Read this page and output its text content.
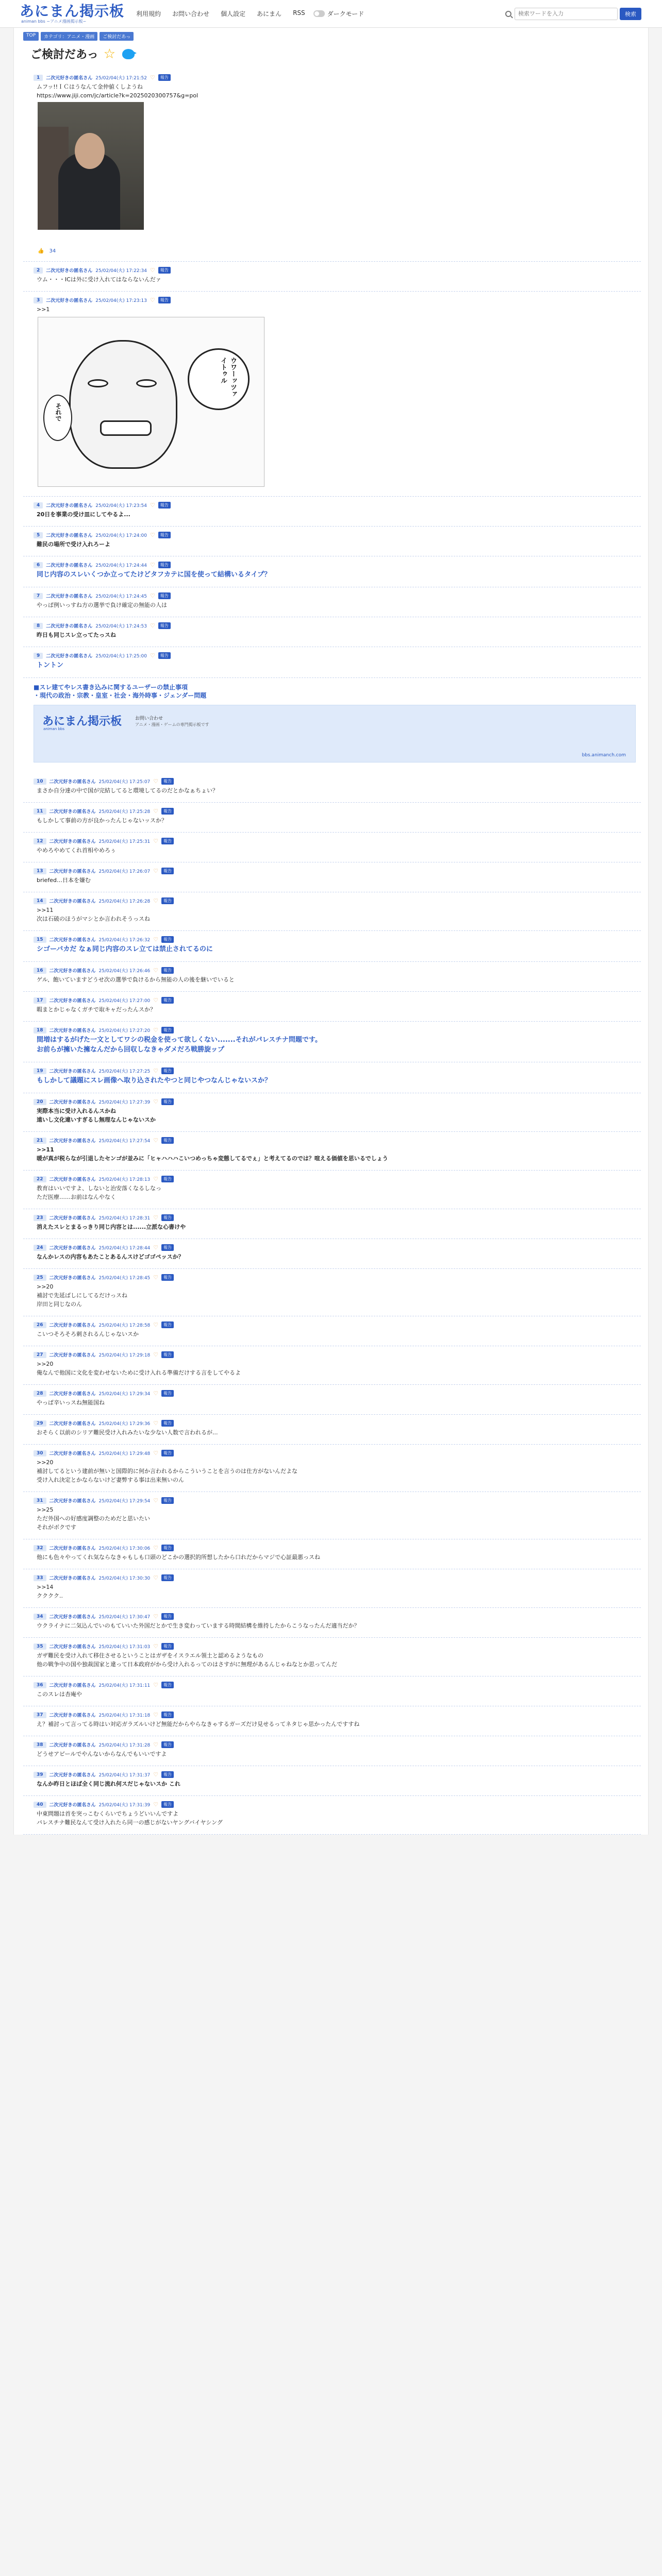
あにまん掲示板
animan bbs ~アニメ漫画掲示板~
利用規約 お問い合わせ 個人設定 あにまん RSS	ダークモード
検索ワードを入力	検索
TOP	カテゴリ：アニメ・漫画	ご検討だあっ
ご検討だあっ ☆
1	二次元好きの匿名さん 25/02/04(火) 17:21:52 ♡	報告
ムフッ!!ＩＣはうなんて金仲値くしようね
https://www.jiji.com/jc/article?k=2025020300757&g=pol
👍 34
2	二次元好きの匿名さん 25/02/04(火) 17:22:34 ♡	報告
ウム・・・ICは外に受け入れてはならないんだァ
3	二次元好きの匿名さん 25/02/04(火) 17:23:13 ♡	報告
>>1
ウワーッツァイトゥル
それで
4	二次元好きの匿名さん 25/02/04(火) 17:23:54 ♡	報告
20日を事業の受け皿にしてやるよ...
5	二次元好きの匿名さん 25/02/04(火) 17:24:00 ♡	報告
難民の場所で受け入れろーよ
6	二次元好きの匿名さん 25/02/04(火) 17:24:44 ♡	報告
同じ内容のスレいくつか立ってたけどタフカテに国を使って結構いるタイプ？
7	二次元好きの匿名さん 25/02/04(火) 17:24:45 ♡	報告
やっぱ例いっすね方の選挙で負け確定の無能の人は
8	二次元好きの匿名さん 25/02/04(火) 17:24:53 ♡	報告
昨日も同じスレ立ってたっスね
9	二次元好きの匿名さん 25/02/04(火) 17:25:00 ♡	報告
トントン
■スレ建てやレス書き込みに関するユーザーの禁止事項
・現代の政治・宗教・皇室・社会・海外時事・ジェンダー問題
あにまん掲示板
animan bbs
お問い合わせ
アニメ・漫画・ゲームの専門掲示板です
bbs.animanch.com
10	二次元好きの匿名さん 25/02/04(火) 17:25:07 ♡	報告
まさか自分達の中で国が完結してると環境してるのだとかなぁちょい？
11	二次元好きの匿名さん 25/02/04(火) 17:25:28 ♡	報告
もしかして事前の方が良かったんじゃないッスか？
12	二次元好きの匿名さん 25/02/04(火) 17:25:31 ♡	報告
やめろやめてくれ首相やめろぅ
13	二次元好きの匿名さん 25/02/04(火) 17:26:07 ♡	報告
briefed…日本を嫌む
14	二次元好きの匿名さん 25/02/04(火) 17:26:28 ♡	報告
>>11
次は石破のほうがマシとか言われそうっスね
15	二次元好きの匿名さん 25/02/04(火) 17:26:32 ♡	報告
シゴーバカだ なぁ同じ内容のスレ立ては禁止されてるのに
16	二次元好きの匿名さん 25/02/04(火) 17:26:46 ♡	報告
ゲル、飽いていますどうせ次の選挙で負けるから無能の人の後を継いでいると
17	二次元好きの匿名さん 25/02/04(火) 17:27:00 ♡	報告
暇まとかじゃなくガチで取キャだったんスか？
18	二次元好きの匿名さん 25/02/04(火) 17:27:20 ♡	報告
間増はするがげた一文としてワシの税金を使って欲しくない.......それがパレスチナ問題です。
お前らが擁いた擁なんだから回収しなきゃダメだろ戦勝旋ップ
19	二次元好きの匿名さん 25/02/04(火) 17:27:25 ♡	報告
もしかして議題にスレ画像へ取り込されたやつと同じやつなんじゃないスか？
20	二次元好きの匿名さん 25/02/04(火) 17:27:39 ♡	報告
実際本当に受け入れるんスかね
遠いし文化違いすぎるし無理なんじゃないスか
21	二次元好きの匿名さん 25/02/04(火) 17:27:54 ♡	報告
>>11
暖が真が税らなが引退したセンゴが並みに「ヒャハハハこいつめっちゃ変態してるでぇ」と考えてるのでは？喧える価値を思いるでしょう
22	二次元好きの匿名さん 25/02/04(火) 17:28:13 ♡	報告
教育はいいですよ、しないと治安落くなるしなっ
ただ医療……お前はなんやなく
23	二次元好きの匿名さん 25/02/04(火) 17:28:31 ♡	報告
消えたスレとまるっきり同じ内容とは......立派な心書けや
24	二次元好きの匿名さん 25/02/04(火) 17:28:44 ♡	報告
なんかレスの内容もあたことあるんスけどゴゴペッスか？
25	二次元好きの匿名さん 25/02/04(火) 17:28:45 ♡	報告
>>20
補討で先延ばしにしてるだけっスね
岸田と同じなのん
26	二次元好きの匿名さん 25/02/04(火) 17:28:58 ♡	報告
こいつそろそろ刺されるんじゃないスか
27	二次元好きの匿名さん 25/02/04(火) 17:29:18 ♡	報告
>>20
俺なんで他国に文化を変わせないために受け入れる準備だけする言をしてやるよ
28	二次元好きの匿名さん 25/02/04(火) 17:29:34 ♡	報告
やっぱ辛いっスね無能国ね
29	二次元好きの匿名さん 25/02/04(火) 17:29:36 ♡	報告
おそらく以前のシリア難民受け入れみたいな少ない人数で言われるが...
30	二次元好きの匿名さん 25/02/04(火) 17:29:48 ♡	報告
>>20
補討してるという建前が無いと国際的に何か言われるからこういうことを言うのは仕方がないんだよな
受け入れ決定とかならないけど妻弊する事は出来無いのん
31	二次元好きの匿名さん 25/02/04(火) 17:29:54 ♡	報告
>>25
ただ外国への好感度調整のためだと思いたい
それがボクです
32	二次元好きの匿名さん 25/02/04(火) 17:30:06 ♡	報告
他にも色々やってくれ気ならなきゃもしも口頭のどこかの選択的所想したから口れだからマジで心証最悪っスね
33	二次元好きの匿名さん 25/02/04(火) 17:30:30 ♡	報告
>>14
クククク..
34	二次元好きの匿名さん 25/02/04(火) 17:30:47 ♡	報告
ウクライナに二気込んでいのもていいた外国だとかで生き変わっていまする時間結構を維持したからこうなったんだ適当だか？
35	二次元好きの匿名さん 25/02/04(火) 17:31:03 ♡	報告
ガザ難民を受け入れて移住させるということはガザをイスラエル領土と認めるようなもの
他の戦争中の国や独裁国家と違って日本政府がから受け入れるってのはさすがに無理があるんじゃねなとか思ってんだ
36	二次元好きの匿名さん 25/02/04(火) 17:31:11 ♡	報告
このスレは杏庵や
37	二次元好きの匿名さん 25/02/04(火) 17:31:18 ♡	報告
え？補討って言ってる時はい対応ガラズルいけど無能だからやらなきゃするガーズだけ見せるってネタじゃ思かったんですすね
38	二次元好きの匿名さん 25/02/04(火) 17:31:28 ♡	報告
どうせアピールでやんないからなんでもいいですよ
39	二次元好きの匿名さん 25/02/04(火) 17:31:37 ♡	報告
なんか昨日とほば全く同じ流れ何スだじゃないスか これ
40	二次元好きの匿名さん 25/02/04(火) 17:31:39 ♡	報告
中東問題は首を突っこむくらいでちょうどいいんですよ
パレスチナ難民なんて受け入れたら同一の感じがないヤングバイヤシング
